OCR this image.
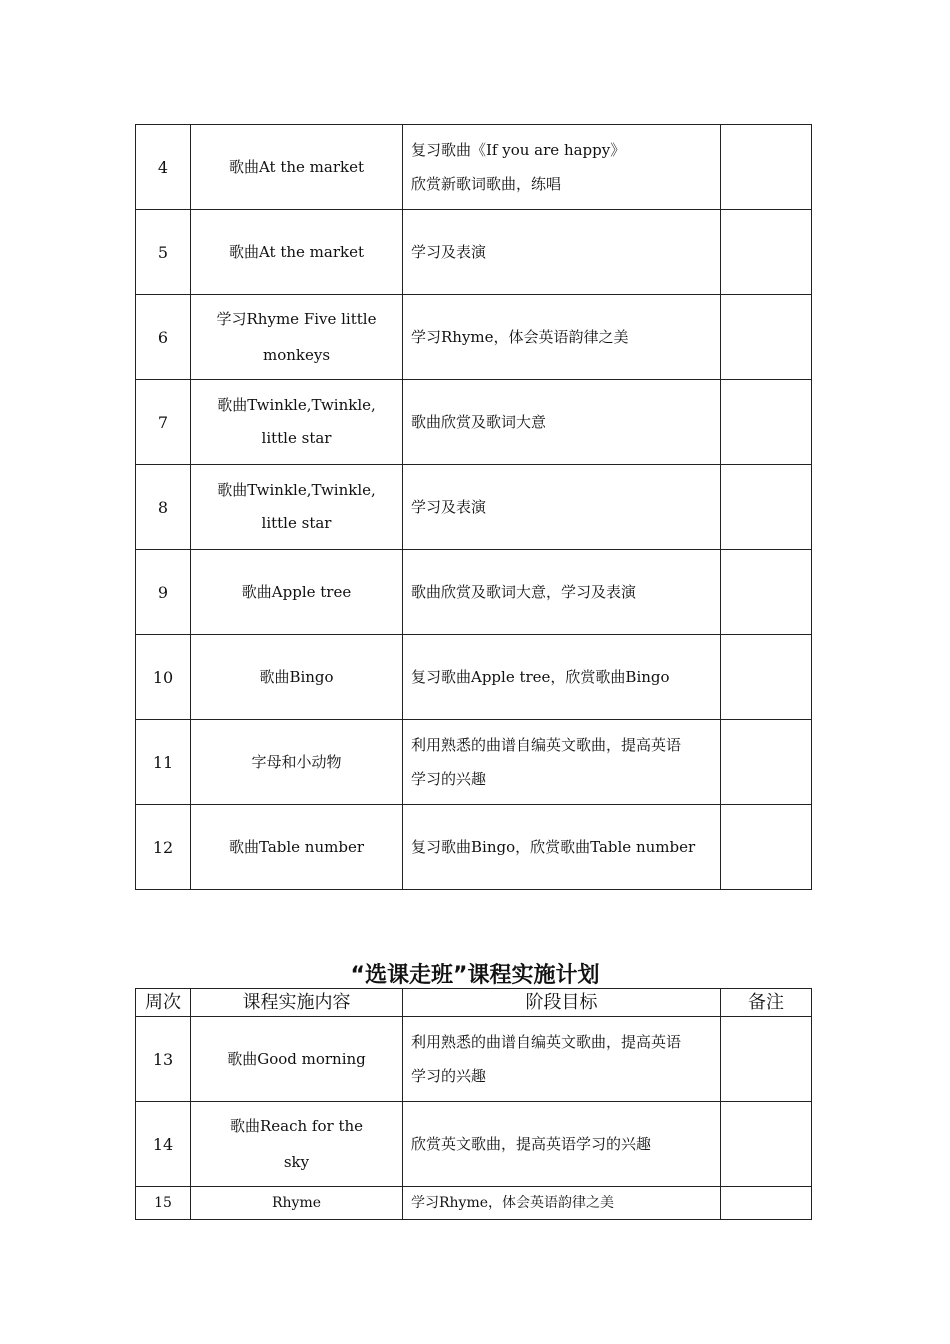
4	歌曲At the market	复习歌曲《If you are happy》
欣赏新歌词歌曲，练唱	

5	歌曲At the market	学习及表演	

6	学习Rhyme Five little
monkeys	学习Rhyme，体会英语韵律之美	

7	歌曲Twinkle,Twinkle,
little star	歌曲欣赏及歌词大意	

8	歌曲Twinkle,Twinkle,
little star	学习及表演	

9	歌曲Apple tree	歌曲欣赏及歌词大意，学习及表演	

10	歌曲Bingo	复习歌曲Apple tree，欣赏歌曲Bingo	

11	字母和小动物	利用熟悉的曲谱自编英文歌曲，提高英语
学习的兴趣	

12	歌曲Table number	复习歌曲Bingo，欣赏歌曲Table number	

“选课走班”课程实施计划
周次	课程实施内容	阶段目标	备注
13	歌曲Good morning	利用熟悉的曲谱自编英文歌曲，提高英语
学习的兴趣	

14	歌曲Reach for the
sky	欣赏英文歌曲，提高英语学习的兴趣	

15	Rhyme	学习Rhyme，体会英语韵律之美	
